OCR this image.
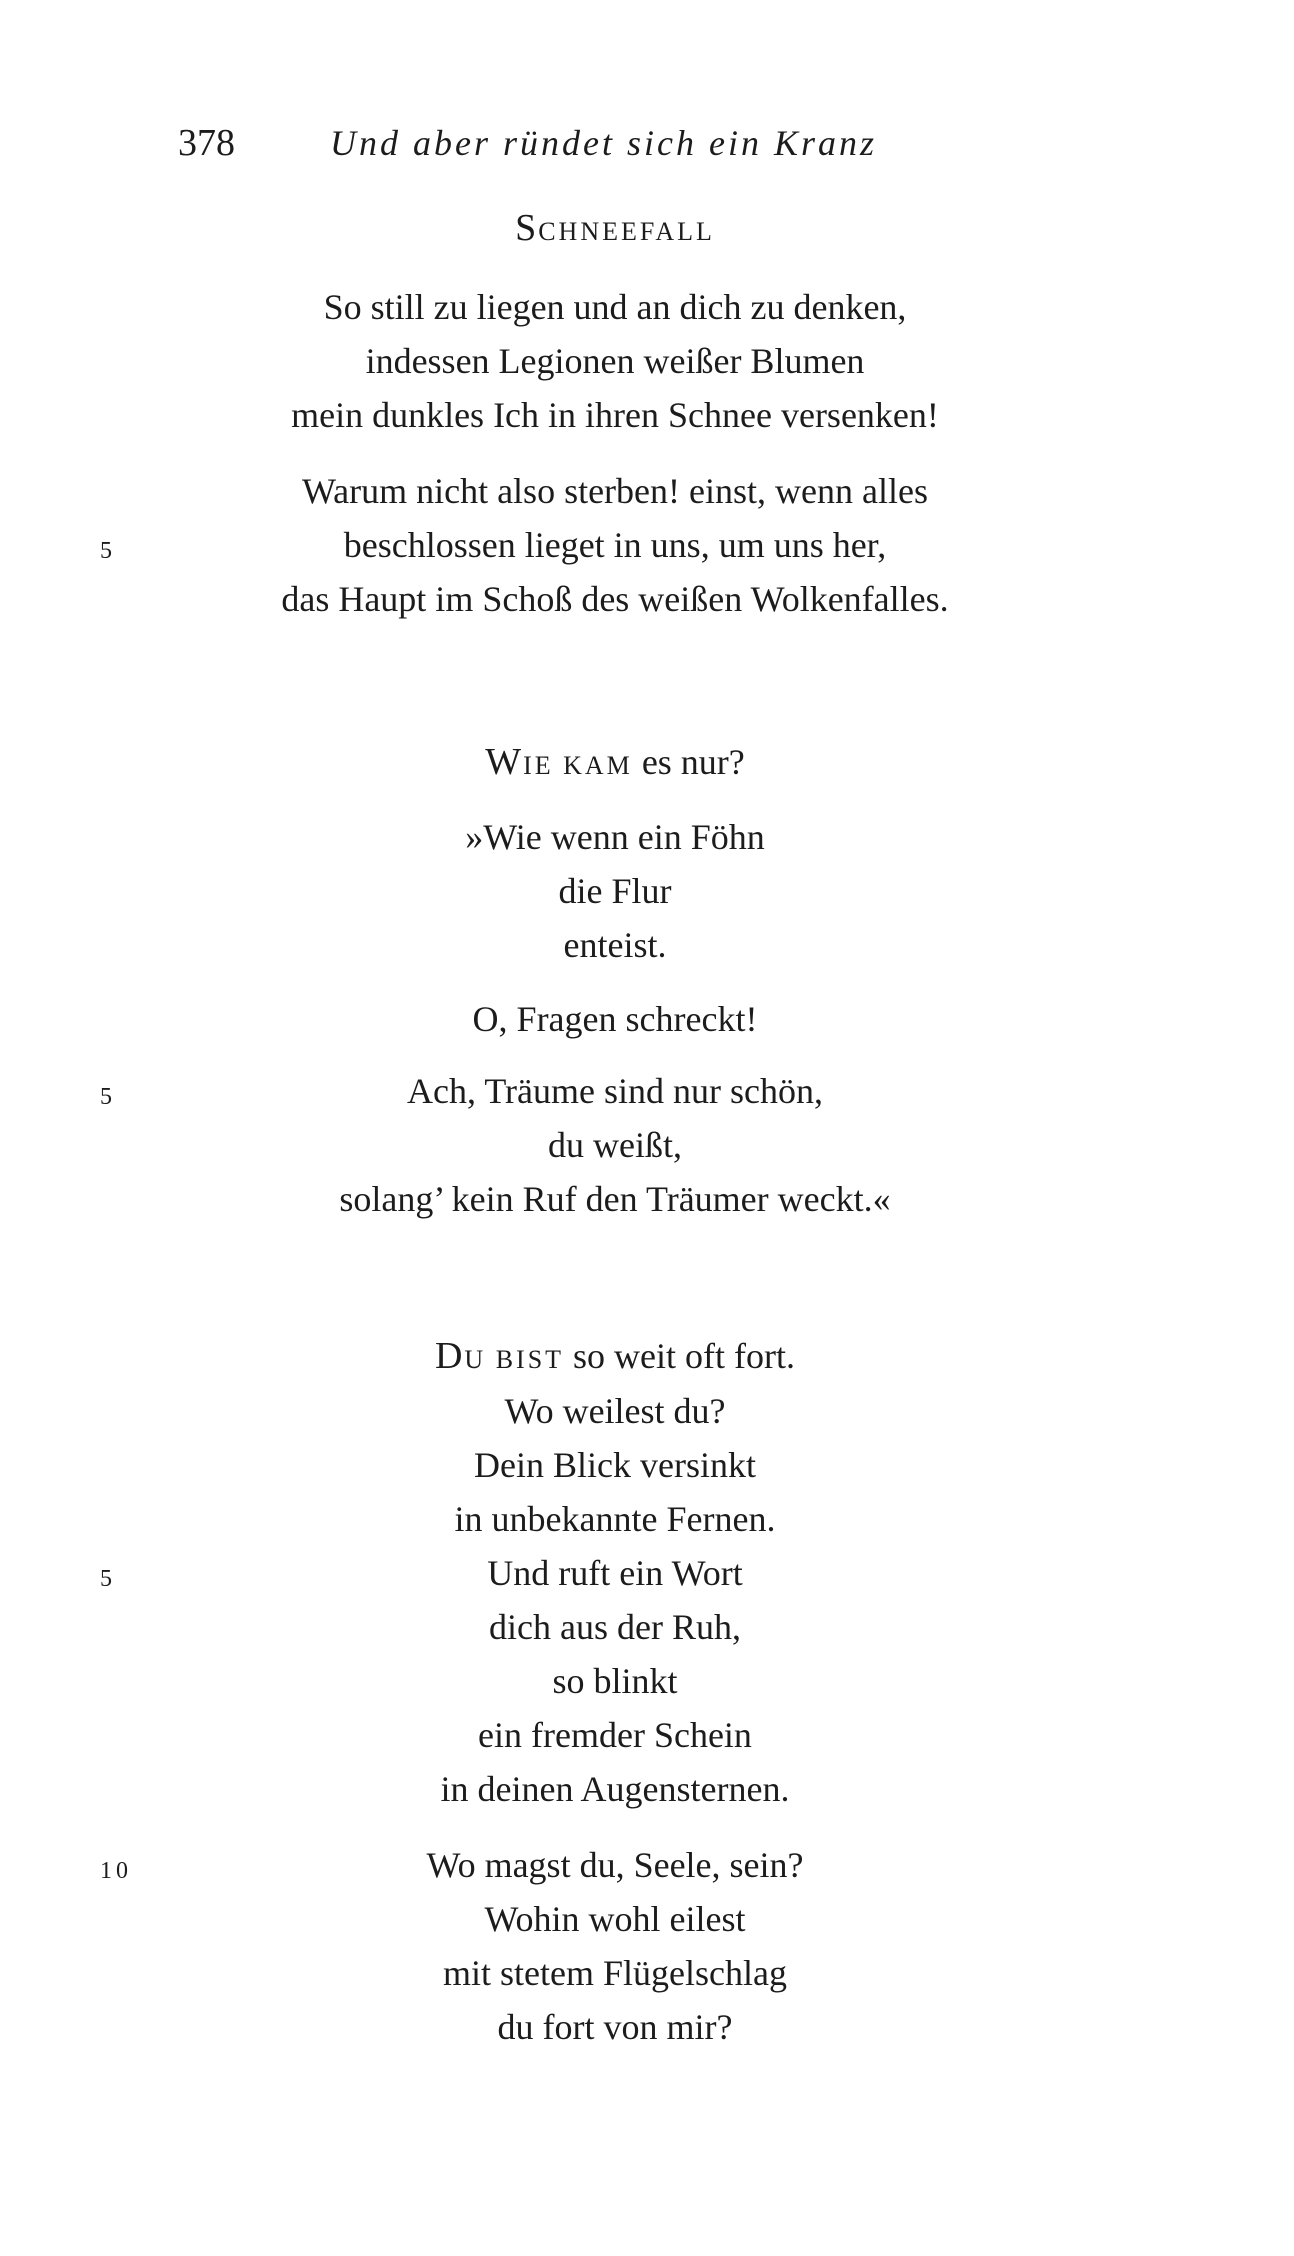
378	Und aber ründet sich ein Kranz
SCHNEEFALL
So still zu liegen und an dich zu denken,
indessen Legionen weißer Blumen
mein dunkles Ich in ihren Schnee versenken!
Warum nicht also sterben! einst, wenn alles
beschlossen lieget in uns, um uns her,
das Haupt im Schoß des weißen Wolkenfalles.
5
WIE KAM es nur?
»Wie wenn ein Föhn
die Flur
enteist.
O, Fragen schreckt!
Ach, Träume sind nur schön,
du weißt,
solang’ kein Ruf den Träumer weckt.«
5
DU BIST so weit oft fort.
Wo weilest du?
Dein Blick versinkt
in unbekannte Fernen.
Und ruft ein Wort
dich aus der Ruh,
so blinkt
ein fremder Schein
in deinen Augensternen.
5
Wo magst du, Seele, sein?
Wohin wohl eilest
mit stetem Flügelschlag
du fort von mir?
10
